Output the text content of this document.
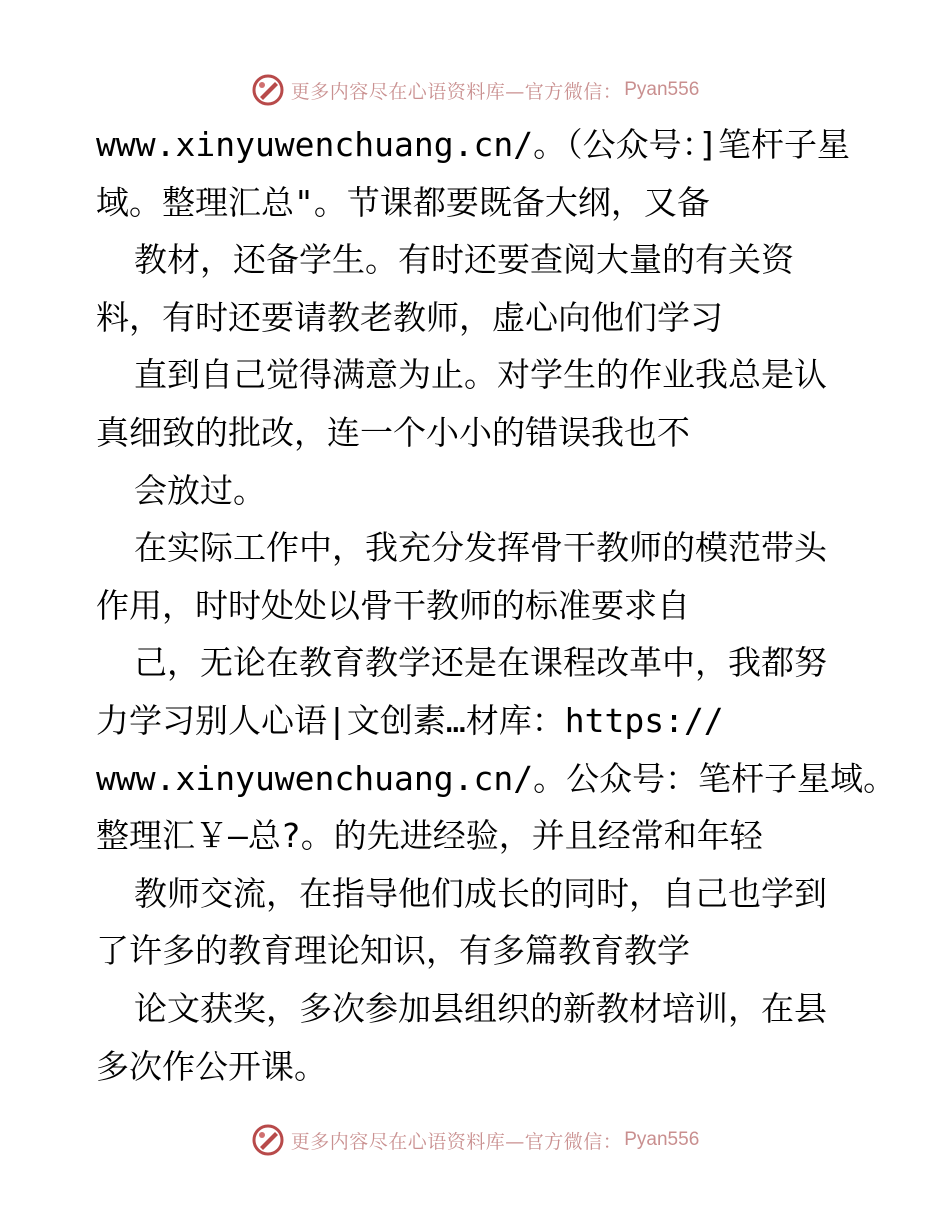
更多内容尽在心语资料库—官方微信： Pyan556
www.xinyuwenchuang.cn/。（公众号：]笔杆子星
域。整理汇总"。节课都要既备大纲，又备
教材，还备学生。有时还要查阅大量的有关资
料，有时还要请教老教师，虚心向他们学习
直到自己觉得满意为止。对学生的作业我总是认
真细致的批改，连一个小小的错误我也不
会放过。
在实际工作中，我充分发挥骨干教师的模范带头
作用，时时处处以骨干教师的标准要求自
己，无论在教育教学还是在课程改革中，我都努
力学习别人心语|文创素…材库：https://
www.xinyuwenchuang.cn/。公众号：笔杆子星域。
整理汇￥—总?。的先进经验，并且经常和年轻
教师交流，在指导他们成长的同时，自己也学到
了许多的教育理论知识，有多篇教育教学
论文获奖，多次参加县组织的新教材培训，在县
多次作公开课。
更多内容尽在心语资料库—官方微信： Pyan556
